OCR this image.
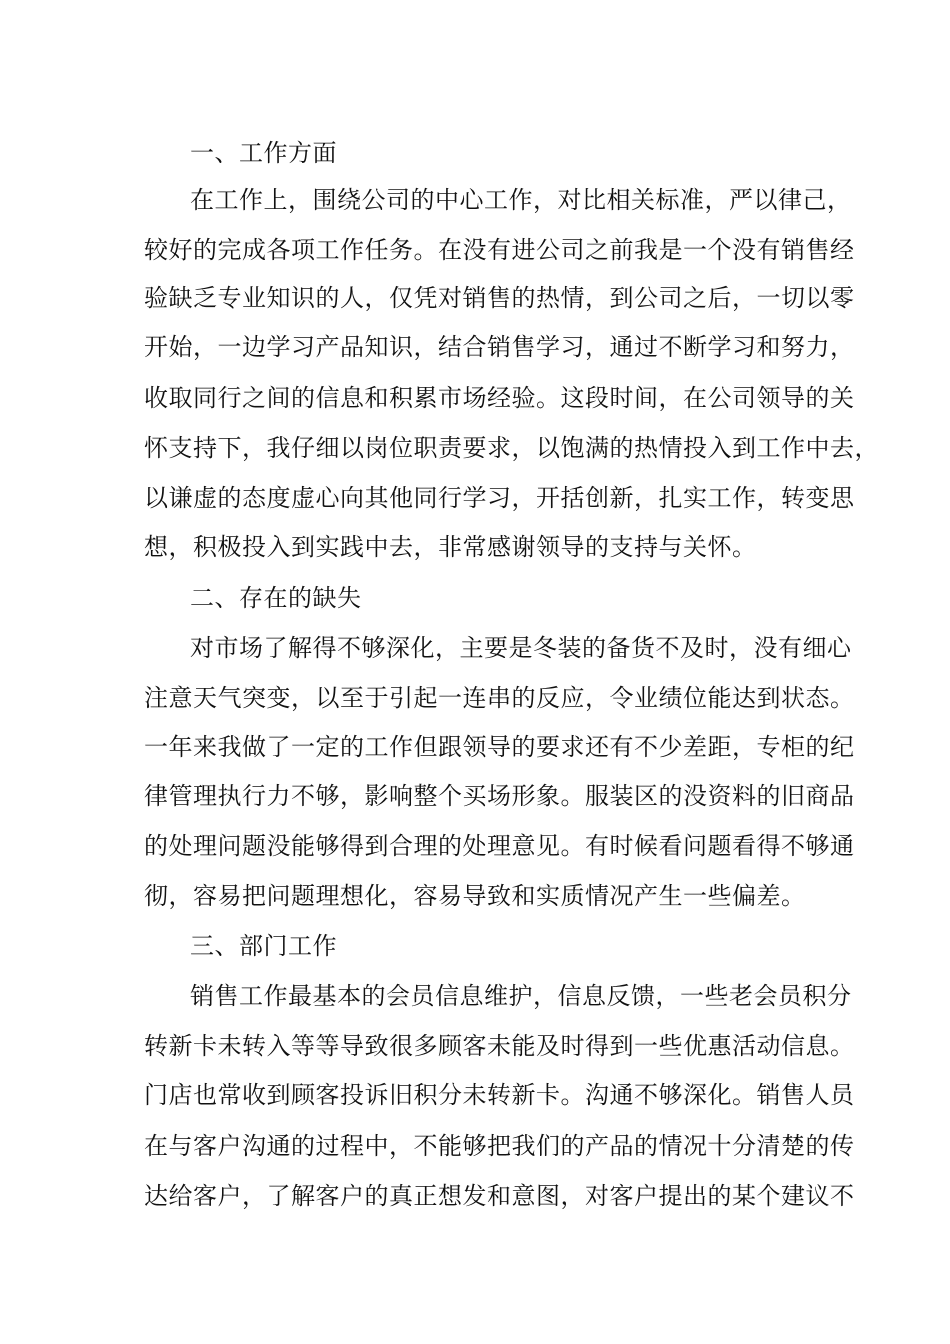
一、工作方面
在工作上，围绕公司的中心工作，对比相关标准，严以律己，
较好的完成各项工作任务。在没有进公司之前我是一个没有销售经
验缺乏专业知识的人，仅凭对销售的热情，到公司之后，一切以零
开始，一边学习产品知识，结合销售学习，通过不断学习和努力，
收取同行之间的信息和积累市场经验。这段时间，在公司领导的关
怀支持下，我仔细以岗位职责要求，以饱满的热情投入到工作中去，
以谦虚的态度虚心向其他同行学习，开括创新，扎实工作，转变思
想，积极投入到实践中去，非常感谢领导的支持与关怀。
二、存在的缺失
对市场了解得不够深化，主要是冬装的备货不及时，没有细心
注意天气突变，以至于引起一连串的反应，令业绩位能达到状态。
一年来我做了一定的工作但跟领导的要求还有不少差距，专柜的纪
律管理执行力不够，影响整个买场形象。服装区的没资料的旧商品
的处理问题没能够得到合理的处理意见。有时候看问题看得不够通
彻，容易把问题理想化，容易导致和实质情况产生一些偏差。
三、部门工作
销售工作最基本的会员信息维护，信息反馈，一些老会员积分
转新卡未转入等等导致很多顾客未能及时得到一些优惠活动信息。
门店也常收到顾客投诉旧积分未转新卡。沟通不够深化。销售人员
在与客户沟通的过程中，不能够把我们的产品的情况十分清楚的传
达给客户，了解客户的真正想发和意图，对客户提出的某个建议不
